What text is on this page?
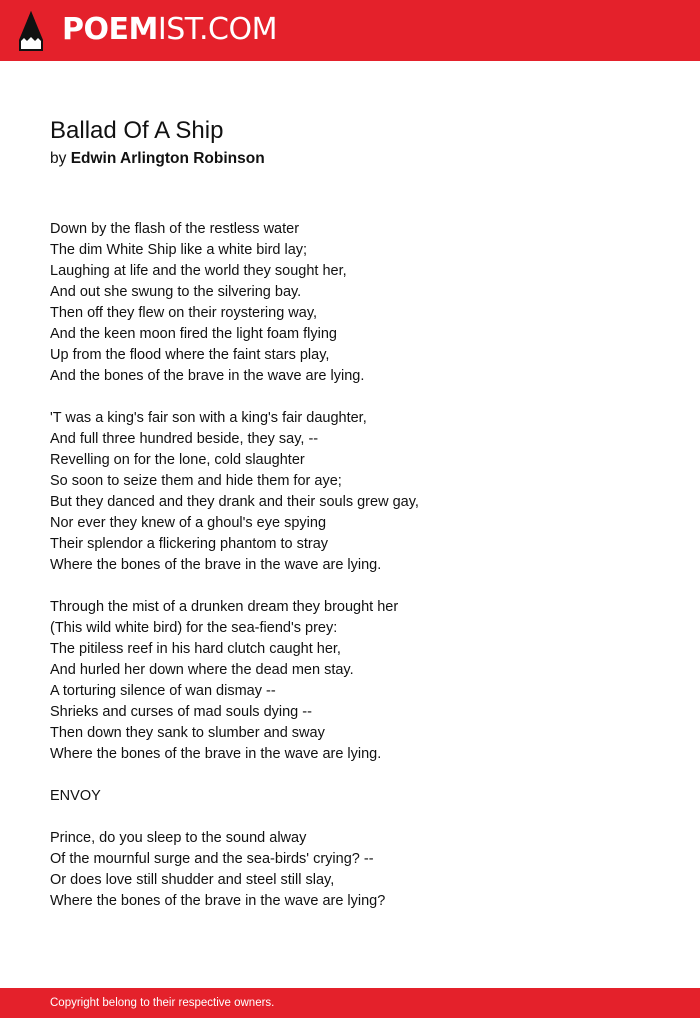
POEMIST.COM
Ballad Of A Ship
by Edwin Arlington Robinson
Down by the flash of the restless water
The dim White Ship like a white bird lay;
Laughing at life and the world they sought her,
And out she swung to the silvering bay.
Then off they flew on their roystering way,
And the keen moon fired the light foam flying
Up from the flood where the faint stars play,
And the bones of the brave in the wave are lying.
'T was a king's fair son with a king's fair daughter,
And full three hundred beside, they say, --
Revelling on for the lone, cold slaughter
So soon to seize them and hide them for aye;
But they danced and they drank and their souls grew gay,
Nor ever they knew of a ghoul's eye spying
Their splendor a flickering phantom to stray
Where the bones of the brave in the wave are lying.
Through the mist of a drunken dream they brought her
(This wild white bird) for the sea-fiend's prey:
The pitiless reef in his hard clutch caught her,
And hurled her down where the dead men stay.
A torturing silence of wan dismay --
Shrieks and curses of mad souls dying --
Then down they sank to slumber and sway
Where the bones of the brave in the wave are lying.
ENVOY
Prince, do you sleep to the sound alway
Of the mournful surge and the sea-birds' crying? --
Or does love still shudder and steel still slay,
Where the bones of the brave in the wave are lying?
Copyright belong to their respective owners.
